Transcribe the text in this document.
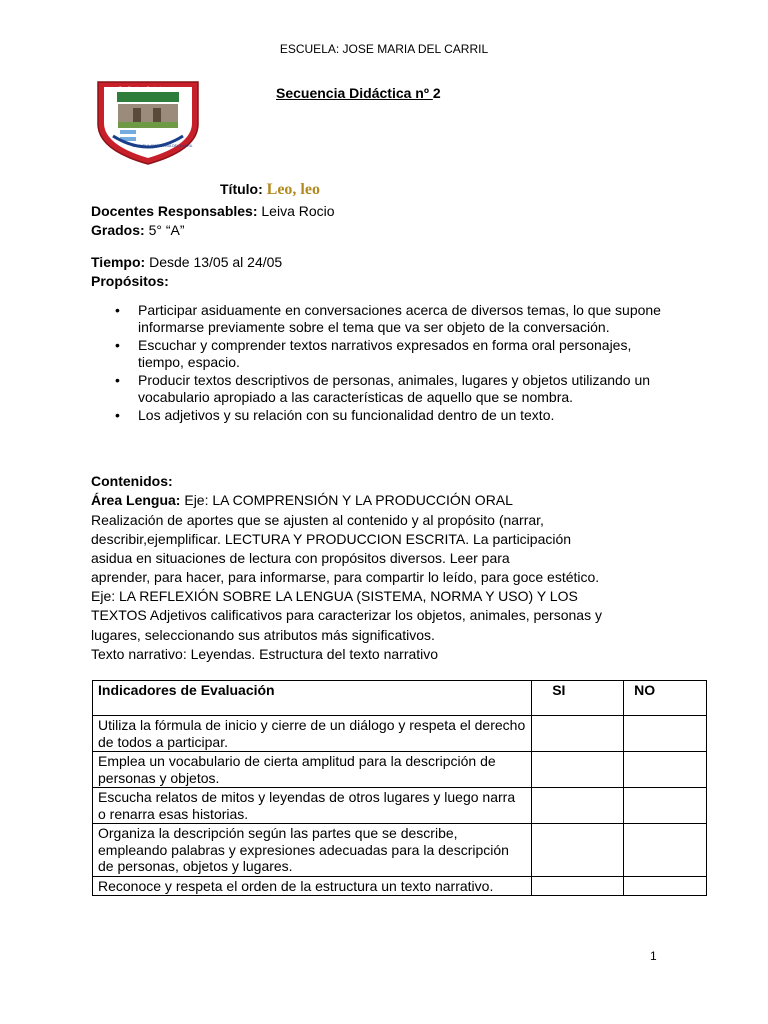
ESCUELA: JOSE MARIA DEL CARRIL
Tres Esquinas. Corrientes
ESCUELA JOSÉ MARÍA DEL CARRIL
Secuencia Didáctica nº 2
Título: Leo, leo
Docentes Responsables: Leiva Rocio
Grados: 5° “A”
Tiempo: Desde 13/05 al 24/05
Propósitos:
• Participar asiduamente en conversaciones acerca de diversos temas, lo que supone informarse previamente sobre el tema que va ser objeto de la conversación.
• Escuchar y comprender textos narrativos expresados en forma oral personajes, tiempo, espacio.
• Producir textos descriptivos de personas, animales, lugares y objetos utilizando un vocabulario apropiado a las características de aquello que se nombra.
• Los adjetivos y su relación con su funcionalidad dentro de un texto.
Contenidos:
Área Lengua: Eje: LA COMPRENSIÓN Y LA PRODUCCIÓN ORAL
Realización de aportes que se ajusten al contenido y al propósito (narrar,
describir,ejemplificar. LECTURA Y PRODUCCION ESCRITA. La participación
asidua en situaciones de lectura con propósitos diversos. Leer para
aprender, para hacer, para informarse, para compartir lo leído, para goce estético.
Eje: LA REFLEXIÓN SOBRE LA LENGUA (SISTEMA, NORMA Y USO) Y LOS
TEXTOS Adjetivos calificativos para caracterizar los objetos, animales, personas y
lugares, seleccionando sus atributos más significativos.
Texto narrativo: Leyendas. Estructura del texto narrativo
Indicadores de Evaluación	SI	NO
Utiliza la fórmula de inicio y cierre de un diálogo y respeta el derecho de todos a participar.		
Emplea un vocabulario de cierta amplitud para la descripción de personas y objetos.		
Escucha relatos de mitos y leyendas de otros lugares y luego narra o renarra esas historias.		
Organiza la descripción según las partes que se describe, empleando palabras y expresiones adecuadas para la descripción de personas, objetos y lugares.		
Reconoce y respeta el orden de la estructura un texto narrativo.		
1
